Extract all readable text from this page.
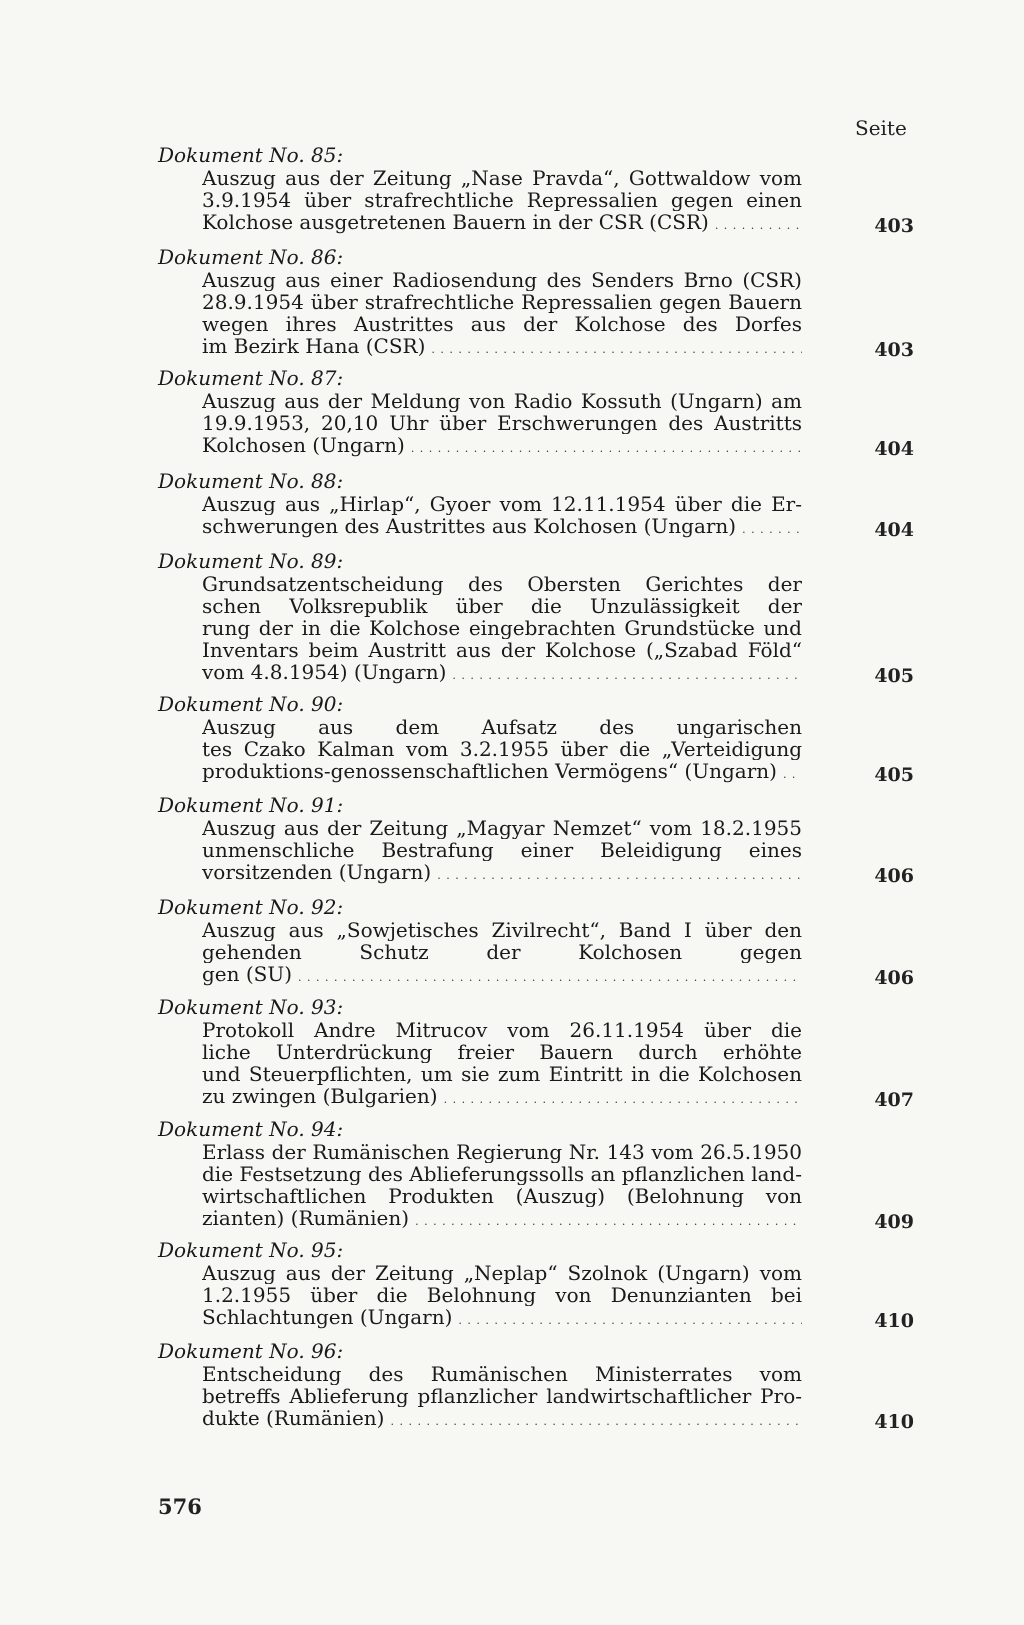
Seite
Dokument No. 85:
Auszug aus der Zeitung „Nase Pravda“, Gottwaldow vom
3.9.1954 über strafrechtliche Repressalien gegen einen
Kolchose ausgetretenen Bauern in der CSR (CSR) . . .	403
Dokument No. 86:
Auszug aus einer Radiosendung des Senders Brno (CSR)
28.9.1954 über strafrechtliche Repressalien gegen Bauern
wegen ihres Austrittes aus der Kolchose des Dorfes
im Bezirk Hana (CSR) . . .	403
Dokument No. 87:
Auszug aus der Meldung von Radio Kossuth (Ungarn) am
19.9.1953, 20,10 Uhr über Erschwerungen des Austritts
Kolchosen (Ungarn) . . .	404
Dokument No. 88:
Auszug aus „Hirlap“, Gyoer vom 12.11.1954 über die Er-
schwerungen des Austrittes aus Kolchosen (Ungarn) . . .	404
Dokument No. 89:
Grundsatzentscheidung des Obersten Gerichtes der
schen Volksrepublik über die Unzulässigkeit der
rung der in die Kolchose eingebrachten Grundstücke und
Inventars beim Austritt aus der Kolchose („Szabad Föld“
vom 4.8.1954) (Ungarn) . . .	405
Dokument No. 90:
Auszug aus dem Aufsatz des ungarischen
tes Czako Kalman vom 3.2.1955 über die „Verteidigung
produktions-genossenschaftlichen Vermögens“ (Ungarn) . . .	405
Dokument No. 91:
Auszug aus der Zeitung „Magyar Nemzet“ vom 18.2.1955
unmenschliche Bestrafung einer Beleidigung eines
vorsitzenden (Ungarn) . . .	406
Dokument No. 92:
Auszug aus „Sowjetisches Zivilrecht“, Band I über den
gehenden Schutz der Kolchosen gegen
gen (SU) . . .	406
Dokument No. 93:
Protokoll Andre Mitrucov vom 26.11.1954 über die
liche Unterdrückung freier Bauern durch erhöhte
und Steuerpflichten, um sie zum Eintritt in die Kolchosen
zu zwingen (Bulgarien) . . .	407
Dokument No. 94:
Erlass der Rumänischen Regierung Nr. 143 vom 26.5.1950
die Festsetzung des Ablieferungssolls an pflanzlichen land-
wirtschaftlichen Produkten (Auszug) (Belohnung von
zianten) (Rumänien) . . .	409
Dokument No. 95:
Auszug aus der Zeitung „Neplap“ Szolnok (Ungarn) vom
1.2.1955 über die Belohnung von Denunzianten bei
Schlachtungen (Ungarn) . . .	410
Dokument No. 96:
Entscheidung des Rumänischen Ministerrates vom
betreffs Ablieferung pflanzlicher landwirtschaftlicher Pro-
dukte (Rumänien) . . .	410
576
